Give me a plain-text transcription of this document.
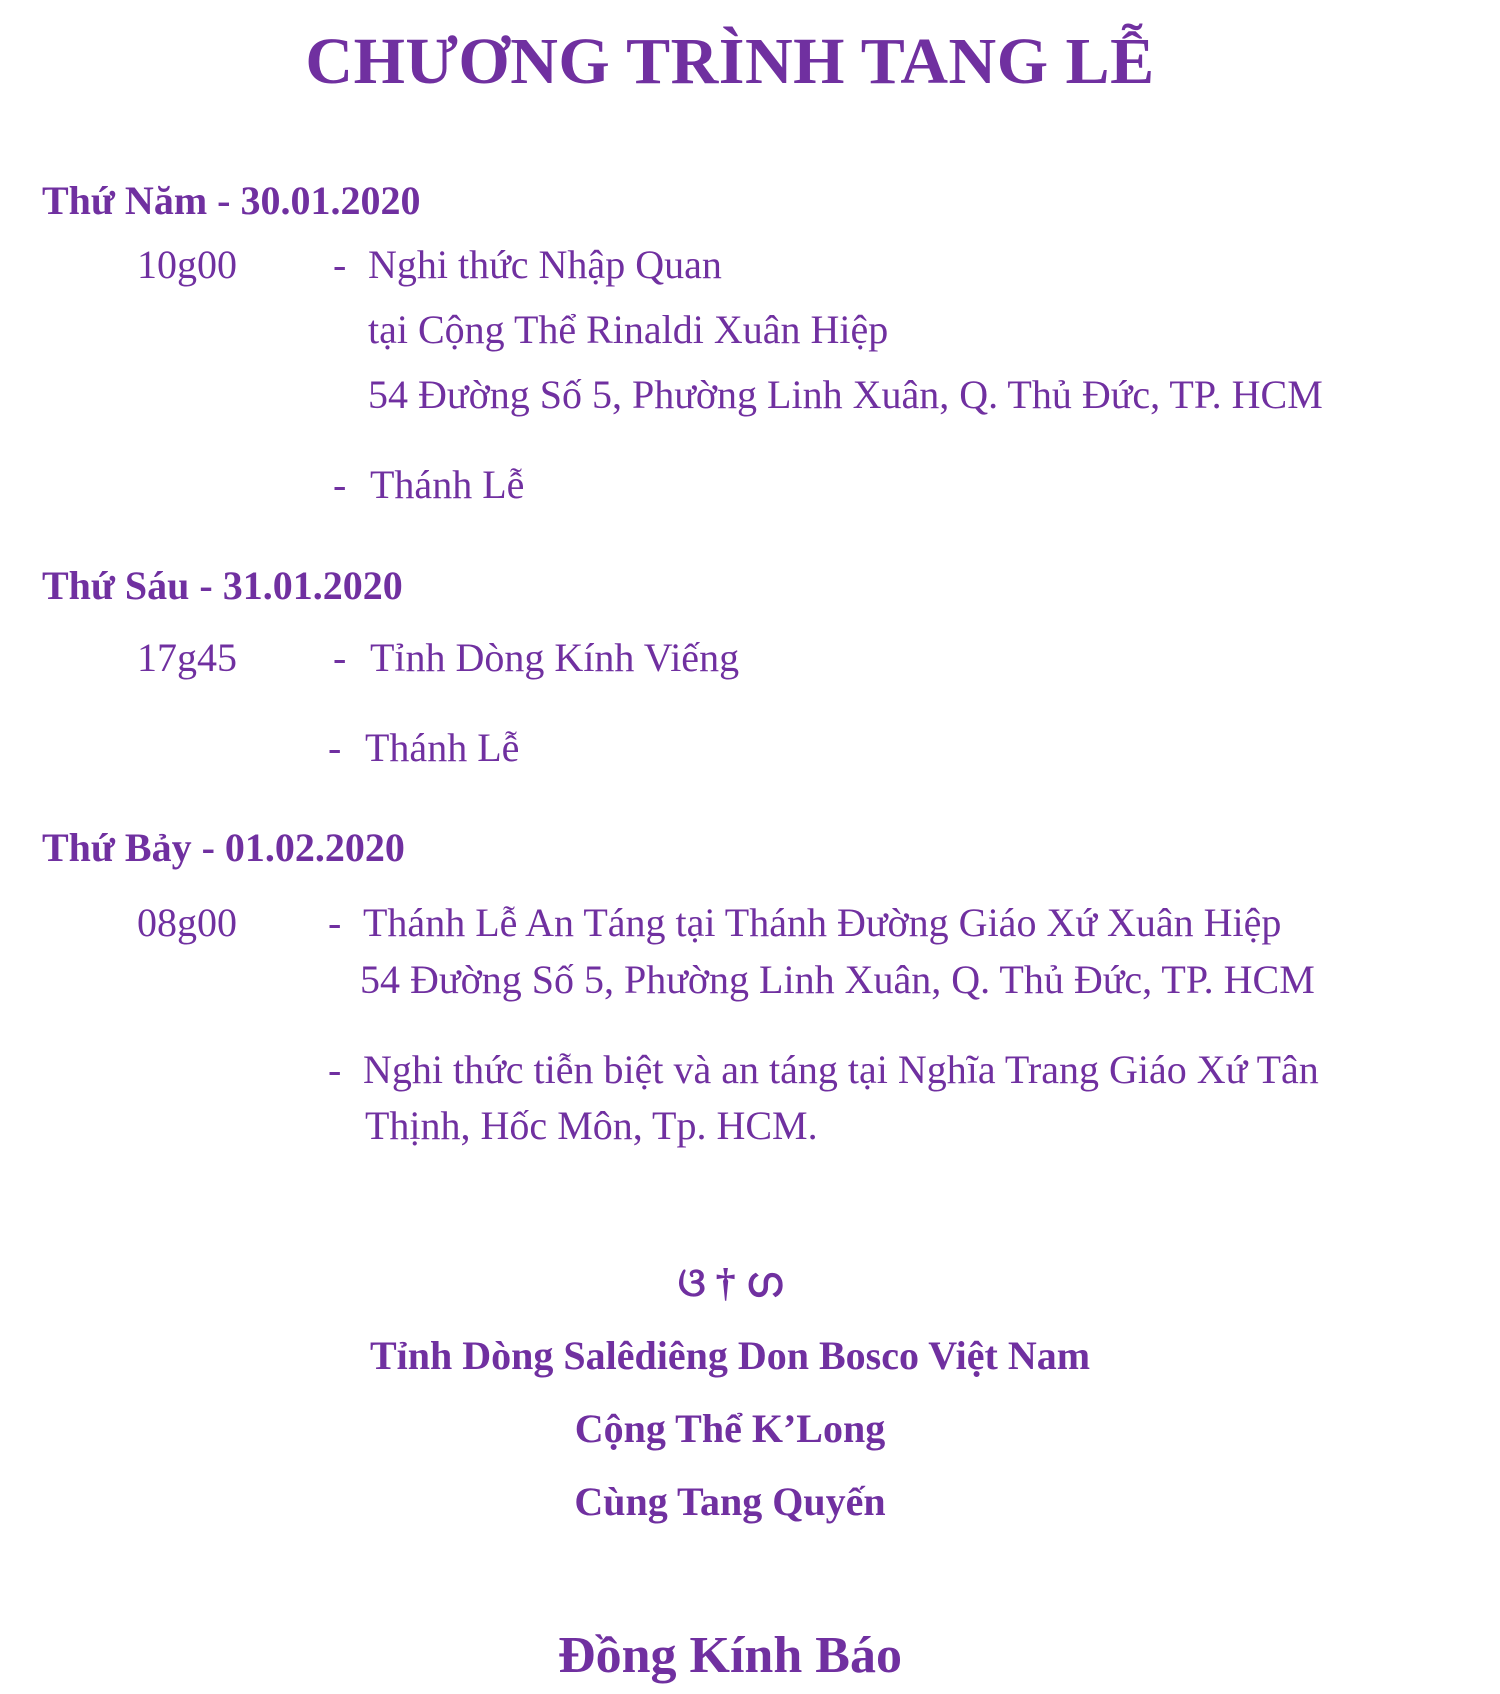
CHƯƠNG TRÌNH TANG LỄ
Thứ Năm - 30.01.2020
10g00 - Nghi thức Nhập Quan
tại Cộng Thể Rinaldi Xuân Hiệp
54 Đường Số 5, Phường Linh Xuân, Q. Thủ Đức, TP. HCM
- Thánh Lễ
Thứ Sáu - 31.01.2020
17g45 - Tỉnh Dòng Kính Viếng
- Thánh Lễ
Thứ Bảy - 01.02.2020
08g00 - Thánh Lễ An Táng tại Thánh Đường Giáo Xứ Xuân Hiệp
54 Đường Số 5, Phường Linh Xuân, Q. Thủ Đức, TP. HCM
- Nghi thức tiễn biệt và an táng tại Nghĩa Trang Giáo Xứ Tân
Thịnh, Hốc Môn, Tp. HCM.
ଓ † ഗ
Tỉnh Dòng Salêdiêng Don Bosco Việt Nam
Cộng Thể K’Long
Cùng Tang Quyến
Đồng Kính Báo
